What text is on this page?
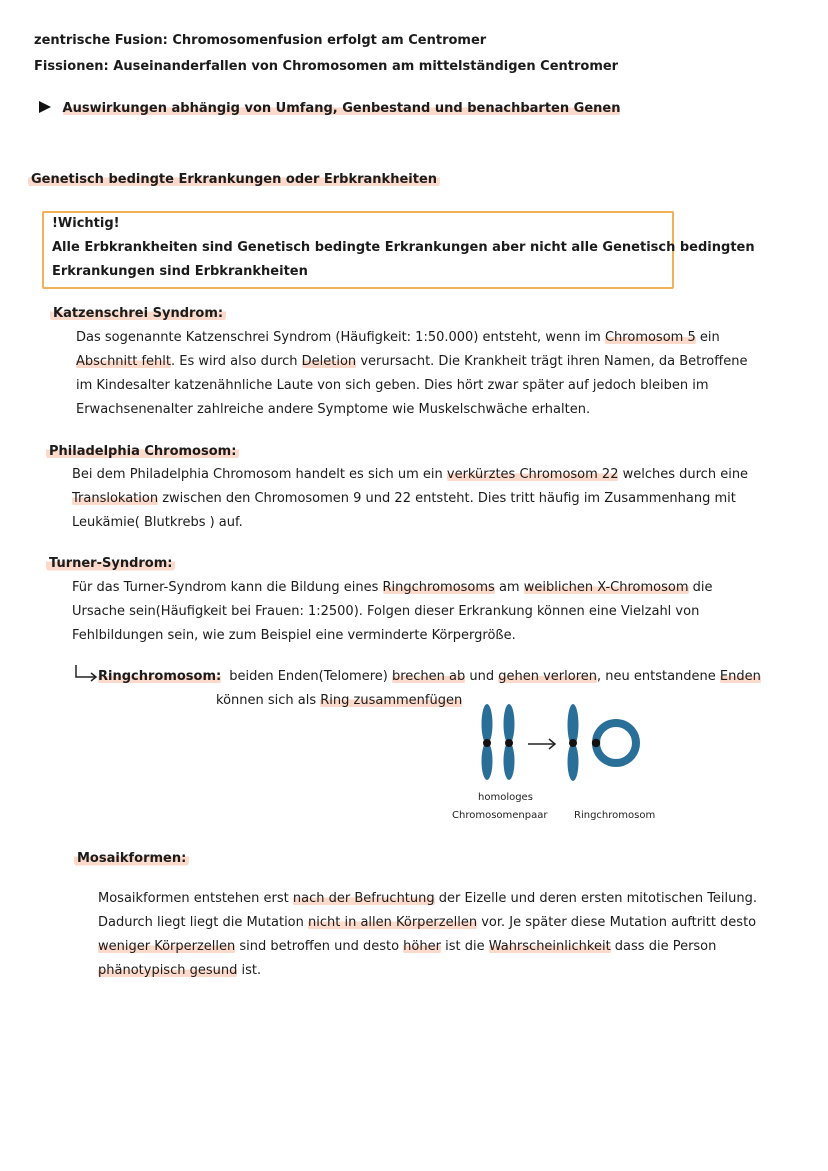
zentrische Fusion: Chromosomenfusion erfolgt am Centromer
Fissionen: Auseinanderfallen von Chromosomen am mittelständigen Centromer
Auswirkungen abhängig von Umfang, Genbestand und benachbarten Genen
Genetisch bedingte Erkrankungen oder Erbkrankheiten
!Wichtig!
Alle Erbkrankheiten sind Genetisch bedingte Erkrankungen aber nicht alle Genetisch bedingten
Erkrankungen sind Erbkrankheiten
Katzenschrei Syndrom:
Das sogenannte Katzenschrei Syndrom (Häufigkeit: 1:50.000) entsteht, wenn im Chromosom 5 ein
Abschnitt fehlt. Es wird also durch Deletion verursacht. Die Krankheit trägt ihren Namen, da Betroffene
im Kindesalter katzenähnliche Laute von sich geben. Dies hört zwar später auf jedoch bleiben im
Erwachsenenalter zahlreiche andere Symptome wie Muskelschwäche erhalten.
Philadelphia Chromosom:
Bei dem Philadelphia Chromosom handelt es sich um ein verkürztes Chromosom 22 welches durch eine
Translokation zwischen den Chromosomen 9 und 22 entsteht. Dies tritt häufig im Zusammenhang mit
Leukämie( Blutkrebs ) auf.
Turner-Syndrom:
Für das Turner-Syndrom kann die Bildung eines Ringchromosoms am weiblichen X-Chromosom die
Ursache sein(Häufigkeit bei Frauen: 1:2500). Folgen dieser Erkrankung können eine Vielzahl von
Fehlbildungen sein, wie zum Beispiel eine verminderte Körpergröße.
Ringchromosom: beiden Enden(Telomere) brechen ab und gehen verloren, neu entstandene Enden
können sich als Ring zusammenfügen
homologes
Chromosomenpaar	Ringchromosom
Mosaikformen:
Mosaikformen entstehen erst nach der Befruchtung der Eizelle und deren ersten mitotischen Teilung.
Dadurch liegt liegt die Mutation nicht in allen Körperzellen vor. Je später diese Mutation auftritt desto
weniger Körperzellen sind betroffen und desto höher ist die Wahrscheinlichkeit dass die Person
phänotypisch gesund ist.
